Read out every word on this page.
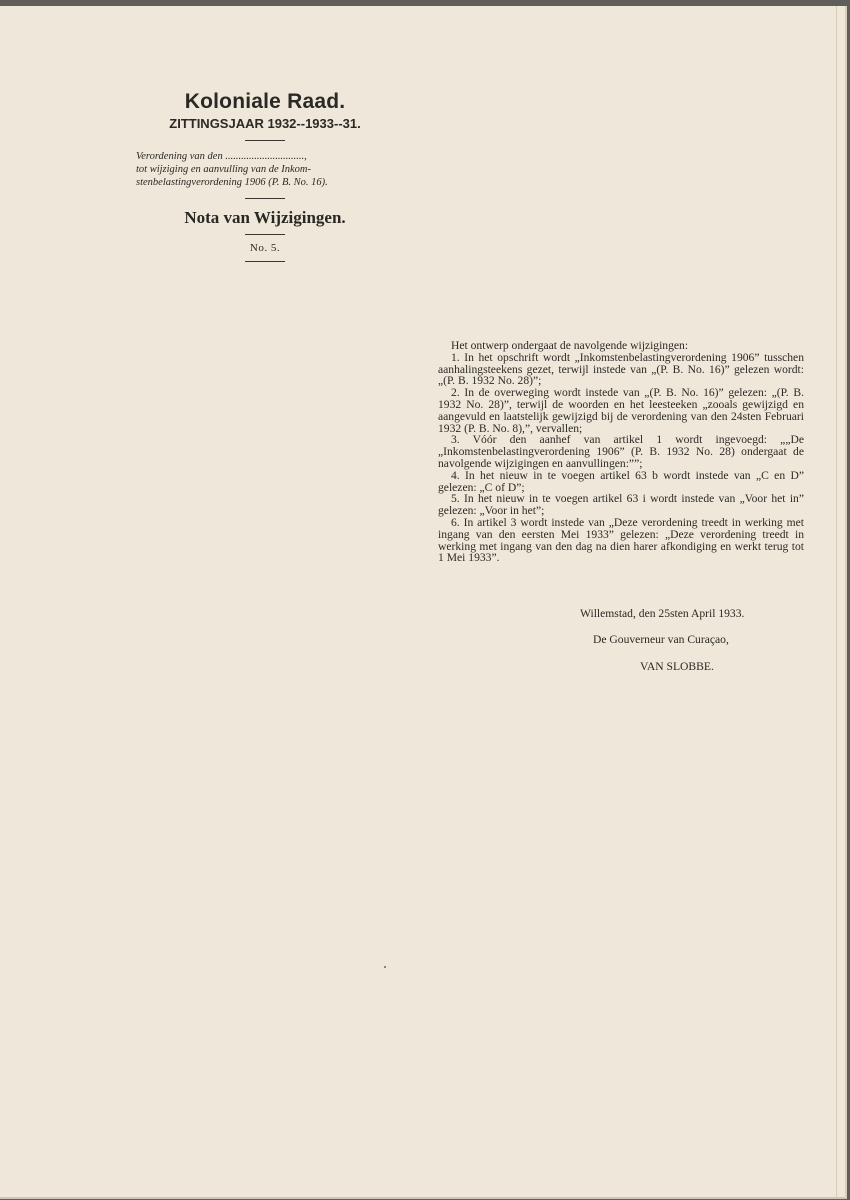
Koloniale Raad.
ZITTINGSJAAR 1932--1933--31.
Verordening van den ..............................,
tot wijziging en aanvulling van de Inkom-
stenbelastingverordening 1906 (P. B. No. 16).
Nota van Wijzigingen.
No. 5.

Het ontwerp ondergaat de navolgende wijzigingen:

1. In het opschrift wordt „Inkomstenbelastingverordening 1906” tusschen aanhalingsteekens gezet, terwijl instede van „(P. B. No. 16)” gelezen wordt: „(P. B. 1932 No. 28)”;

2. In de overweging wordt instede van „(P. B. No. 16)” gelezen: „(P. B. 1932 No. 28)”, terwijl de woorden en het leesteeken „zooals gewijzigd en aangevuld en laatstelijk gewijzigd bij de verordening van den 24sten Februari 1932 (P. B. No. 8),”, vervallen;

3. Vóór den aanhef van artikel 1 wordt ingevoegd: „„De „Inkomstenbelastingverordening 1906” (P. B. 1932 No. 28) ondergaat de navolgende wijzigingen en aanvullingen:””;

4. In het nieuw in te voegen artikel 63 b wordt instede van „C en D” gelezen: „C of D”;

5. In het nieuw in te voegen artikel 63 i wordt instede van „Voor het in” gelezen: „Voor in het”;

6. In artikel 3 wordt instede van „Deze verordening treedt in werking met ingang van den eersten Mei 1933” gelezen: „Deze verordening treedt in werking met ingang van den dag na dien harer afkondiging en werkt terug tot 1 Mei 1933”.

Willemstad, den 25sten April 1933.
De Gouverneur van Curaçao,
VAN SLOBBE.
